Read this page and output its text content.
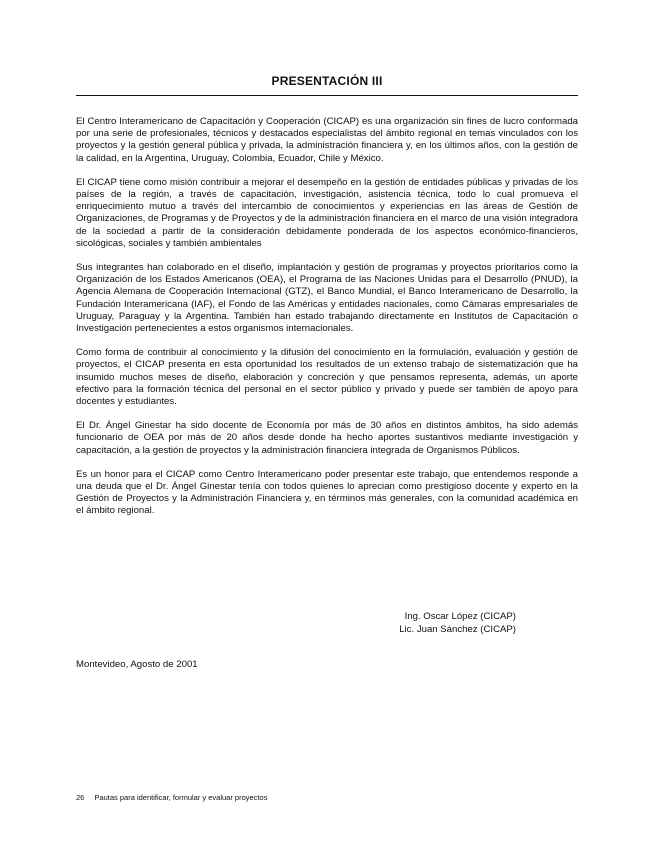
PRESENTACIÓN III

El Centro Interamericano de Capacitación y Cooperación (CICAP) es una organización sin fines de lucro conformada por una serie de profesionales, técnicos y destacados especialistas del ámbito regional en temas vinculados con los proyectos y la gestión general pública y privada, la administración financiera y, en los últimos años, con la gestión de la calidad, en la Argentina, Uruguay, Colombia, Ecuador, Chile y México.

El CICAP tiene como misión contribuir a mejorar el desempeño en la gestión de entidades públicas y privadas de los países de la región, a través de capacitación, investigación, asistencia técnica, todo lo cual promueva el enriquecimiento mutuo a través del intercambio de conocimientos y experiencias en las áreas de Gestión de Organizaciones, de Programas y de Proyectos y de la administración financiera en el marco de una visión integradora de la sociedad a partir de la consideración debidamente ponderada de los aspectos económico-financieros, sicológicas, sociales y también ambientales

Sus integrantes han colaborado en el diseño, implantación y gestión de programas y proyectos prioritarios como la Organización de los Estados Americanos (OEA), el Programa de las Naciones Unidas para el Desarrollo (PNUD), la Agencia Alemana de Cooperación Internacional (GTZ), el Banco Mundial, el Banco Interamericano de Desarrollo, la Fundación Interamericana (IAF), el Fondo de las Américas y entidades nacionales, como Cámaras empresariales de Uruguay, Paraguay y la Argentina. También han estado trabajando directamente en Institutos de Capacitación o Investigación pertenecientes a estos organismos internacionales.

Como forma de contribuir al conocimiento y la difusión del conocimiento en la formulación, evaluación y gestión de proyectos, el CICAP presenta en esta oportunidad los resultados de un extenso trabajo de sistematización que ha insumido muchos meses de diseño, elaboración y concreción y que pensamos representa, además, un aporte efectivo para la formación técnica del personal en el sector público y privado y puede ser también de apoyo para docentes y estudiantes.

El Dr. Ángel Ginestar ha sido docente de Economía por más de 30 años en distintos ámbitos, ha sido además funcionario de OEA por más de 20 años desde donde ha hecho aportes sustantivos mediante investigación y capacitación, a la gestión de proyectos y la administración financiera integrada de Organismos Públicos.

Es un honor para el CICAP como Centro Interamericano poder presentar este trabajo, que entendemos responde a una deuda que el Dr. Ángel Ginestar tenía con todos quienes lo aprecian como prestigioso docente y experto en la Gestión de Proyectos y la Administración Financiera y, en términos más generales, con la comunidad académica en el ámbito regional.

Ing. Oscar López (CICAP)
Lic. Juan Sánchez (CICAP)
Montevideo, Agosto de 2001
26 Pautas para identificar, formular y evaluar proyectos
